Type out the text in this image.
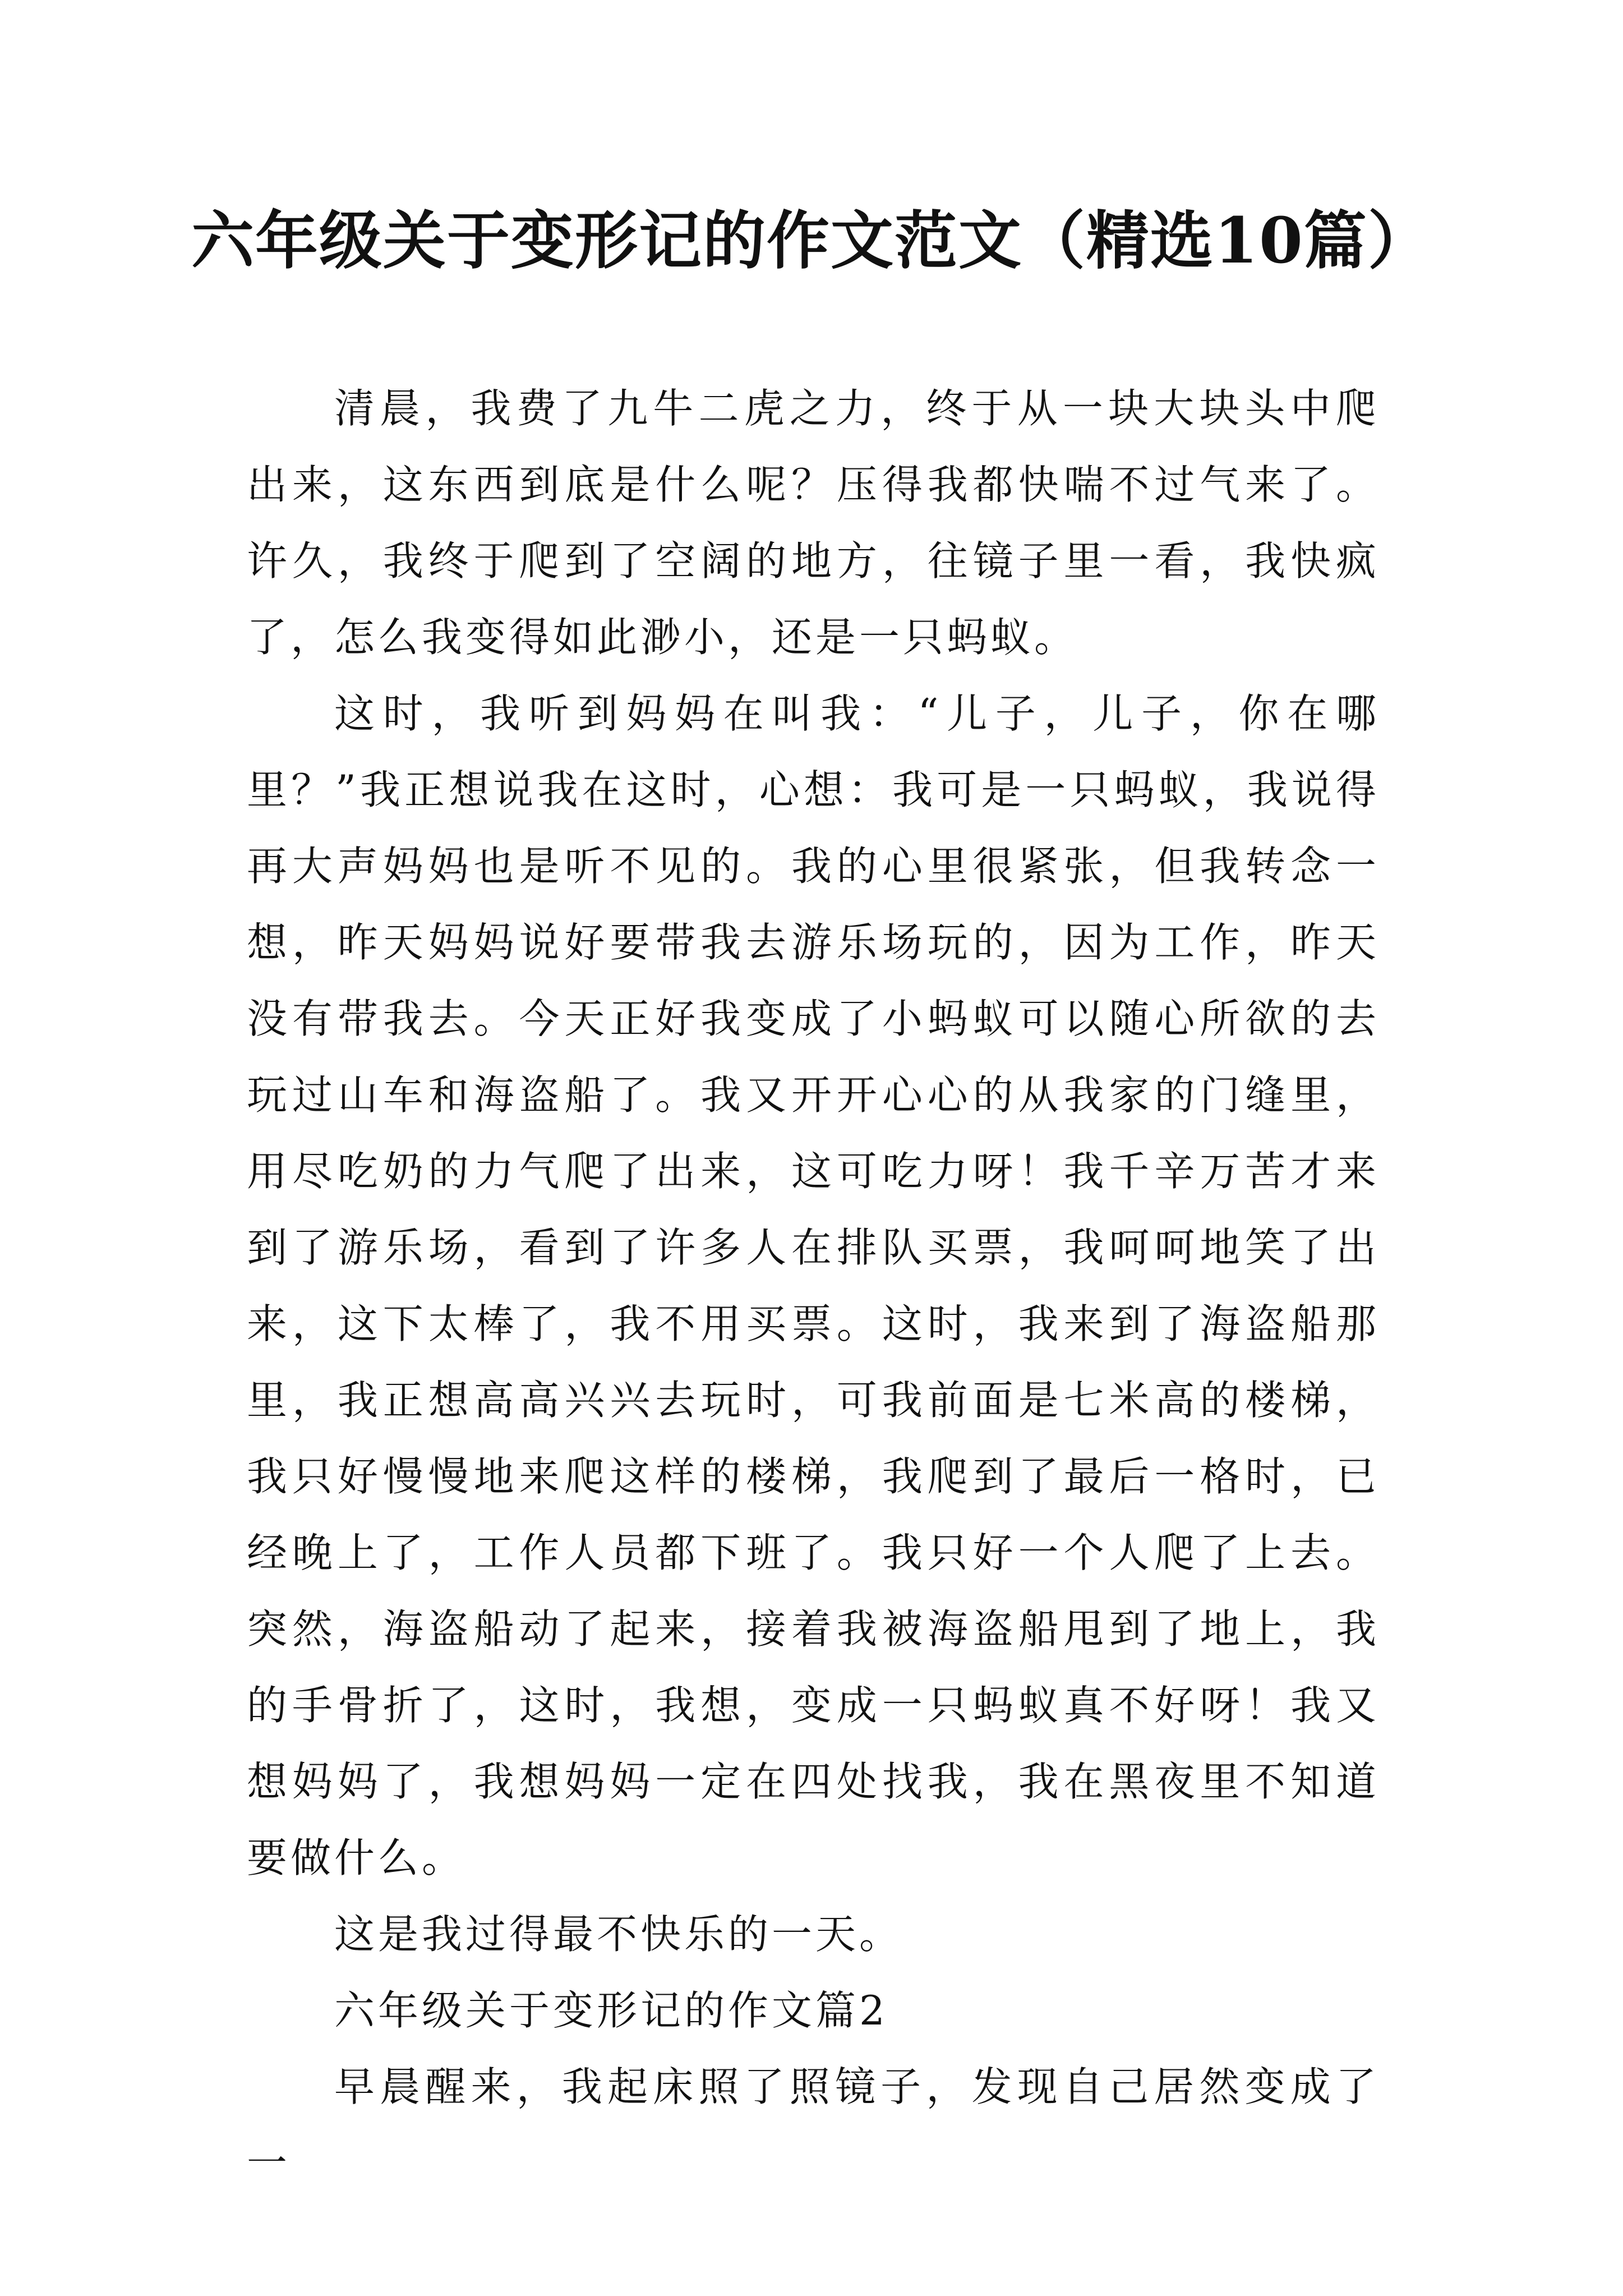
六年级关于变形记的作文范文（精选10篇）

清晨，我费了九牛二虎之力，终于从一块大块头中爬出来，这东西到底是什么呢？压得我都快喘不过气来了。许久，我终于爬到了空阔的地方，往镜子里一看，我快疯了，怎么我变得如此渺小，还是一只蚂蚁。

这时，我听到妈妈在叫我：“儿子，儿子，你在哪里？”我正想说我在这时，心想：我可是一只蚂蚁，我说得再大声妈妈也是听不见的。我的心里很紧张，但我转念一想，昨天妈妈说好要带我去游乐场玩的，因为工作，昨天没有带我去。今天正好我变成了小蚂蚁可以随心所欲的去玩过山车和海盗船了。我又开开心心的从我家的门缝里，用尽吃奶的力气爬了出来，这可吃力呀！我千辛万苦才来到了游乐场，看到了许多人在排队买票，我呵呵地笑了出来，这下太棒了，我不用买票。这时，我来到了海盗船那里，我正想高高兴兴去玩时，可我前面是七米高的楼梯，我只好慢慢地来爬这样的楼梯，我爬到了最后一格时，已经晚上了，工作人员都下班了。我只好一个人爬了上去。突然，海盗船动了起来，接着我被海盗船甩到了地上，我的手骨折了，这时，我想，变成一只蚂蚁真不好呀！我又想妈妈了，我想妈妈一定在四处找我，我在黑夜里不知道要做什么。

这是我过得最不快乐的一天。

六年级关于变形记的作文篇2

早晨醒来，我起床照了照镜子，发现自己居然变成了一
